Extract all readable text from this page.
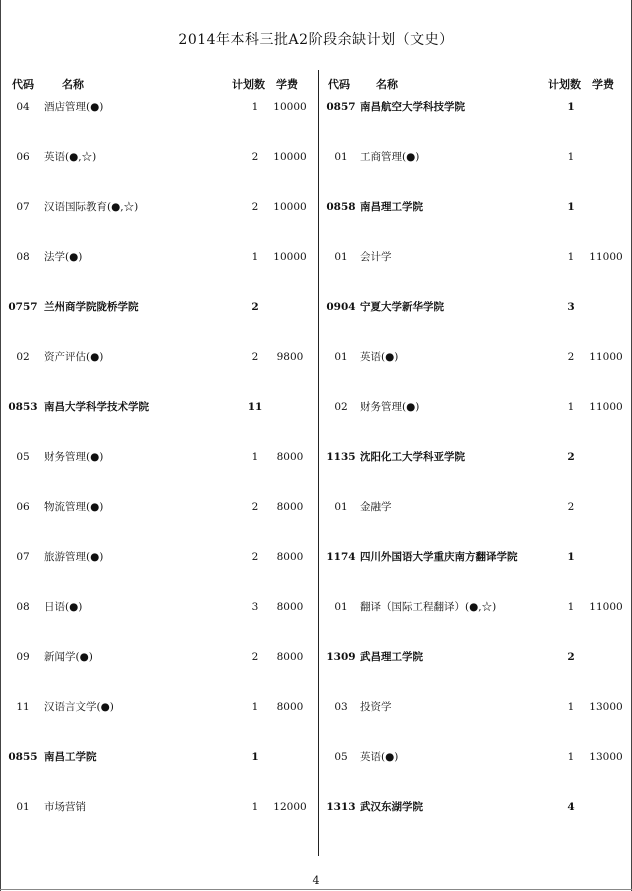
2014年本科三批A2阶段余缺计划（文史）
代码	名称	计划数 学费	代码 名称	计划数 学费
04	酒店管理(●)	1	10000
06	英语(●,☆)	2	10000
07	汉语国际教育(●,☆)	2	10000
08	法学(●)	1	10000
0757 兰州商学院陇桥学院	2
02	资产评估(●)	2	9800
0853 南昌大学科学技术学院	11
05	财务管理(●)	1	8000
06	物流管理(●)	2	8000
07	旅游管理(●)	2	8000
08	日语(●)	3	8000
09	新闻学(●)	2	8000
11	汉语言文学(●)	1	8000
0855 南昌工学院	1
01	市场营销	1	12000
0857 南昌航空大学科技学院	1
01	工商管理(●)	1
0858 南昌理工学院	1
01	会计学	1	11000
0904 宁夏大学新华学院	3
01	英语(●)	2	11000
02	财务管理(●)	1	11000
1135 沈阳化工大学科亚学院	2
01	金融学	2
1174 四川外国语大学重庆南方翻译学院	1
01	翻译（国际工程翻译）(●,☆)	1	11000
1309 武昌理工学院	2
03	投资学	1	13000
05	英语(●)	1	13000
1313 武汉东湖学院	4
4
